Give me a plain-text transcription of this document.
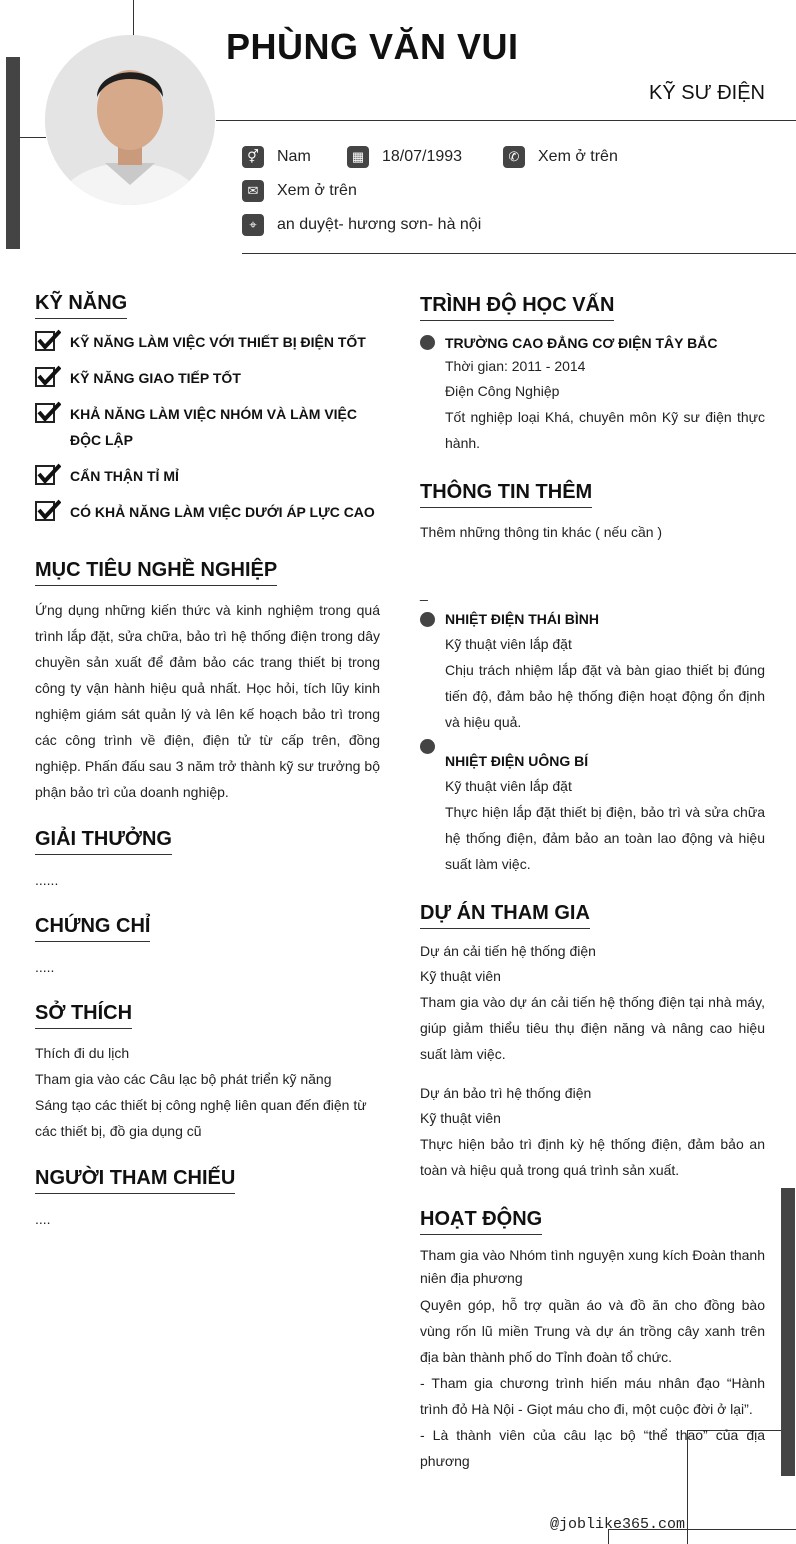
PHÙNG VĂN VUI
KỸ SƯ ĐIỆN
⚥	Nam	▦	18/07/1993	✆	Xem ở trên
✉	Xem ở trên
⌖	an duyệt- hương sơn- hà nội
KỸ NĂNG
KỸ NĂNG LÀM VIỆC VỚI THIẾT BỊ ĐIỆN TỐT
KỸ NĂNG GIAO TIẾP TỐT
KHẢ NĂNG LÀM VIỆC NHÓM VÀ LÀM VIỆC ĐỘC LẬP
CẨN THẬN TỈ MỈ
CÓ KHẢ NĂNG LÀM VIỆC DƯỚI ÁP LỰC CAO
MỤC TIÊU NGHỀ NGHIỆP
Ứng dụng những kiến thức và kinh nghiệm trong quá trình lắp đặt, sửa chữa, bảo trì hệ thống điện trong dây chuyền sản xuất để đảm bảo các trang thiết bị trong công ty vận hành hiệu quả nhất. Học hỏi, tích lũy kinh nghiệm giám sát quản lý và lên kế hoạch bảo trì trong các công trình về điện, điện tử từ cấp trên, đồng nghiệp. Phấn đấu sau 3 năm trở thành kỹ sư trưởng bộ phận bảo trì của doanh nghiệp.
GIẢI THƯỞNG
......
CHỨNG CHỈ
.....
SỞ THÍCH
Thích đi du lịch
Tham gia vào các Câu lạc bộ phát triển kỹ năng
Sáng tạo các thiết bị công nghệ liên quan đến điện từ các thiết bị, đồ gia dụng cũ
NGƯỜI THAM CHIẾU
....
TRÌNH ĐỘ HỌC VẤN
TRƯỜNG CAO ĐẲNG CƠ ĐIỆN TÂY BẮC
Thời gian: 2011 - 2014
Điện Công Nghiệp
Tốt nghiệp loại Khá, chuyên môn Kỹ sư điện thực hành.
THÔNG TIN THÊM
Thêm những thông tin khác ( nếu cần )
_
NHIỆT ĐIỆN THÁI BÌNH
Kỹ thuật viên lắp đặt
Chịu trách nhiệm lắp đặt và bàn giao thiết bị đúng tiến độ, đảm bảo hệ thống điện hoạt động ổn định và hiệu quả.
NHIỆT ĐIỆN UÔNG BÍ
Kỹ thuật viên lắp đặt
Thực hiện lắp đặt thiết bị điện, bảo trì và sửa chữa hệ thống điện, đảm bảo an toàn lao động và hiệu suất làm việc.
DỰ ÁN THAM GIA
Dự án cải tiến hệ thống điện
Kỹ thuật viên
Tham gia vào dự án cải tiến hệ thống điện tại nhà máy, giúp giảm thiểu tiêu thụ điện năng và nâng cao hiệu suất làm việc.
Dự án bảo trì hệ thống điện
Kỹ thuật viên
Thực hiện bảo trì định kỳ hệ thống điện, đảm bảo an toàn và hiệu quả trong quá trình sản xuất.
HOẠT ĐỘNG
Tham gia vào Nhóm tình nguyện xung kích Đoàn thanh niên địa phương
Quyên góp, hỗ trợ quần áo và đồ ăn cho đồng bào vùng rốn lũ miền Trung và dự án trồng cây xanh trên địa bàn thành phố do Tỉnh đoàn tổ chức.
- Tham gia chương trình hiến máu nhân đạo “Hành trình đỏ Hà Nội - Giọt máu cho đi, một cuộc đời ở lại”.
- Là thành viên của câu lạc bộ “thể thao” của địa phương
@joblike365.com
